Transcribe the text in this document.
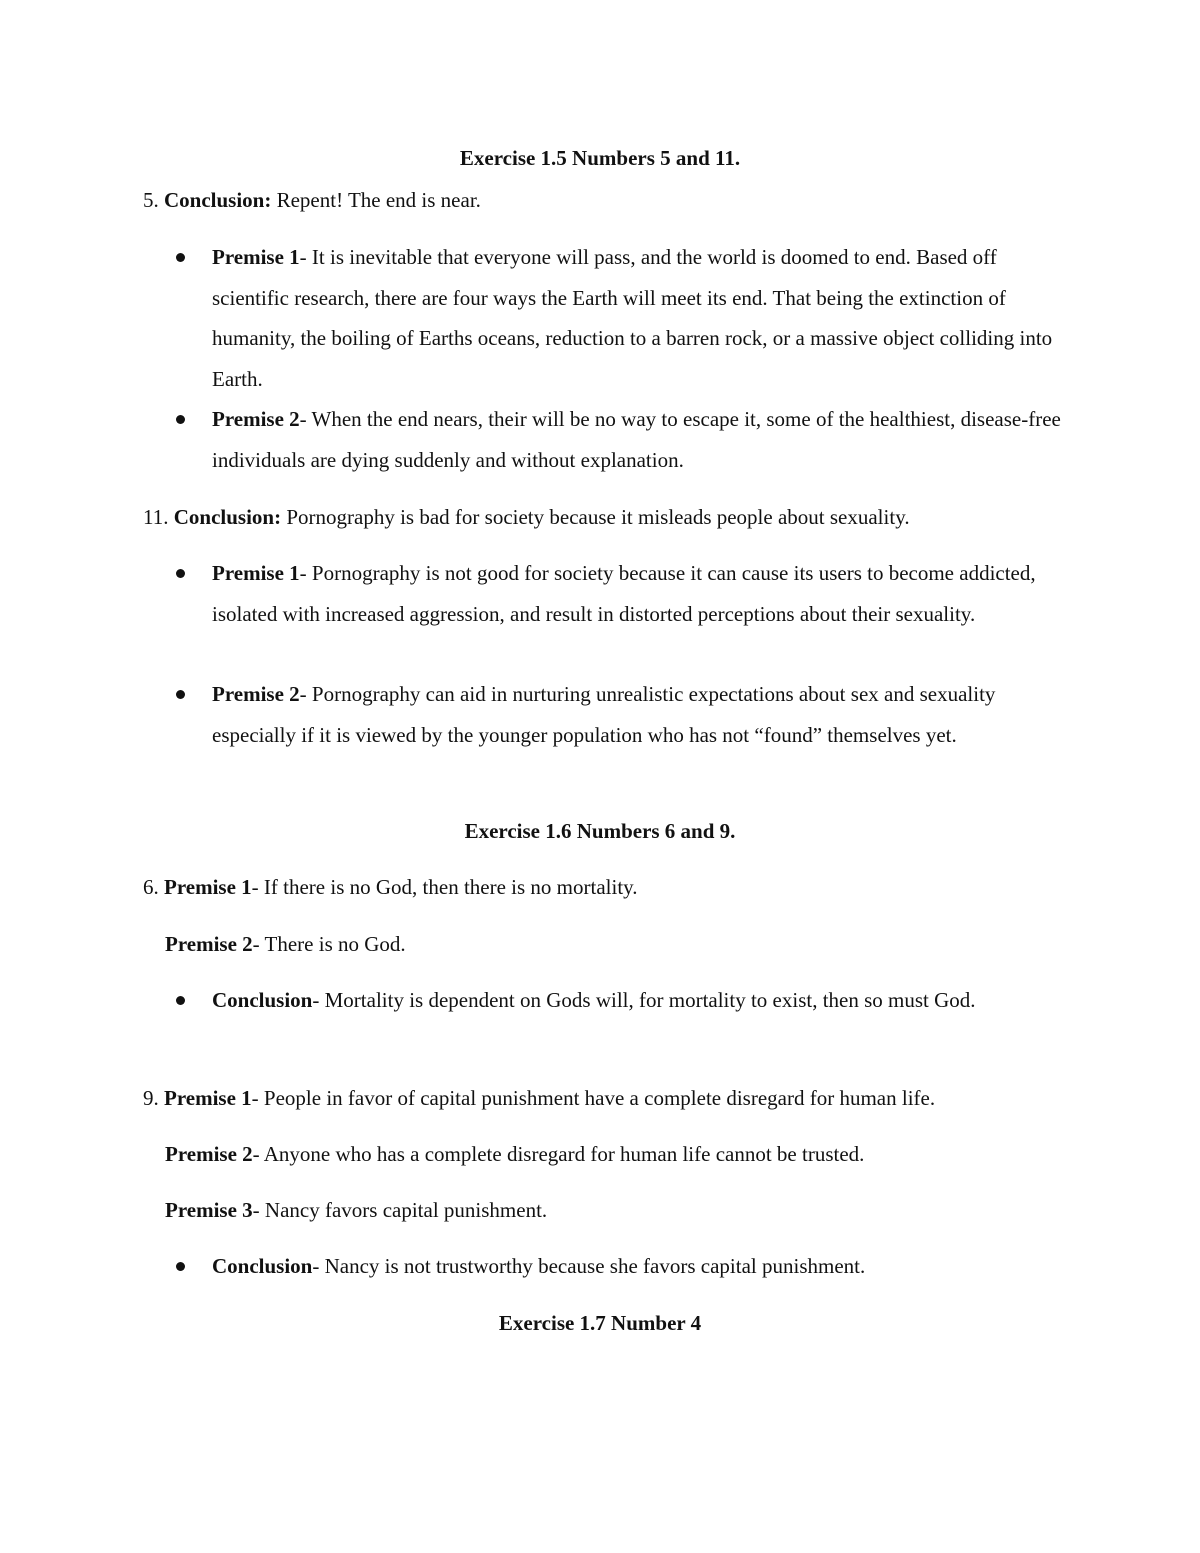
Exercise 1.5 Numbers 5 and 11.
5. Conclusion: Repent! The end is near.
Premise 1- It is inevitable that everyone will pass, and the world is doomed to end. Based off scientific research, there are four ways the Earth will meet its end. That being the extinction of humanity, the boiling of Earths oceans, reduction to a barren rock, or a massive object colliding into Earth.
Premise 2- When the end nears, their will be no way to escape it, some of the healthiest, disease-free individuals are dying suddenly and without explanation.
11. Conclusion: Pornography is bad for society because it misleads people about sexuality.
Premise 1- Pornography is not good for society because it can cause its users to become addicted, isolated with increased aggression, and result in distorted perceptions about their sexuality.
Premise 2- Pornography can aid in nurturing unrealistic expectations about sex and sexuality especially if it is viewed by the younger population who has not “found” themselves yet.
Exercise 1.6 Numbers 6 and 9.
6. Premise 1- If there is no God, then there is no mortality.
Premise 2- There is no God.
Conclusion- Mortality is dependent on Gods will, for mortality to exist, then so must God.
9. Premise 1- People in favor of capital punishment have a complete disregard for human life.
Premise 2- Anyone who has a complete disregard for human life cannot be trusted.
Premise 3- Nancy favors capital punishment.
Conclusion- Nancy is not trustworthy because she favors capital punishment.
Exercise 1.7 Number 4
